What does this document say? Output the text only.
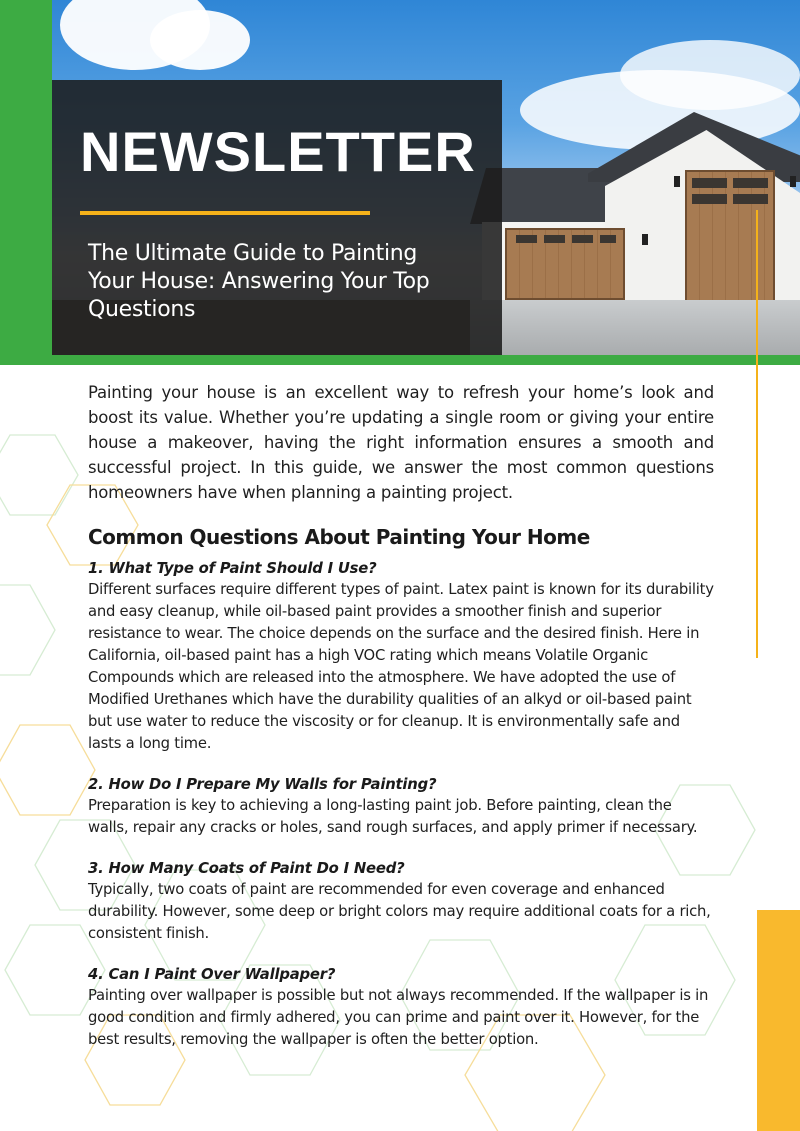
NEWSLETTER
The Ultimate Guide to Painting Your House: Answering Your Top Questions

Painting your house is an excellent way to refresh your home’s look and boost its value. Whether you’re updating a single room or giving your entire house a makeover, having the right information ensures a smooth and successful project. In this guide, we answer the most common questions homeowners have when planning a painting project.

Common Questions About Painting Your Home
1. What Type of Paint Should I Use?

Different surfaces require different types of paint. Latex paint is known for its durability and easy cleanup, while oil-based paint provides a smoother finish and superior resistance to wear. The choice depends on the surface and the desired finish. Here in California, oil-based paint has a high VOC rating which means Volatile Organic Compounds which are released into the atmosphere. We have adopted the use of Modified Urethanes which have the durability qualities of an alkyd or oil-based paint but use water to reduce the viscosity or for cleanup. It is environmentally safe and lasts a long time.

2. How Do I Prepare My Walls for Painting?

Preparation is key to achieving a long-lasting paint job. Before painting, clean the walls, repair any cracks or holes, sand rough surfaces, and apply primer if necessary.

3. How Many Coats of Paint Do I Need?

Typically, two coats of paint are recommended for even coverage and enhanced durability. However, some deep or bright colors may require additional coats for a rich, consistent finish.

4. Can I Paint Over Wallpaper?

Painting over wallpaper is possible but not always recommended. If the wallpaper is in good condition and firmly adhered, you can prime and paint over it. However, for the best results, removing the wallpaper is often the better option.
